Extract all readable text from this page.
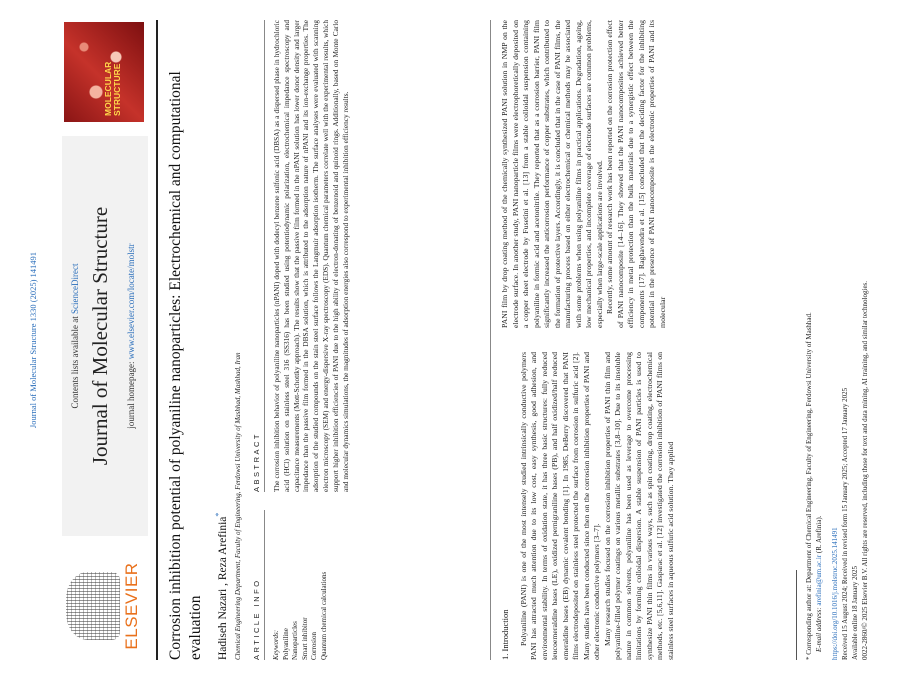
Journal of Molecular Structure 1330 (2025) 141491
ELSEVIER
Contents lists available at ScienceDirect Journal of Molecular Structure journal homepage: www.elsevier.com/locate/molstr
MOLECULAR STRUCTURE	Corrosion inhibition potential of polyaniline nanoparticles: Electrochemical and computational evaluation Hadiseh Nazari , Reza Arefinia*	Chemical Engineering Department, Faculty of Engineering, Ferdowsi University of Mashhad, Mashhad, Iran ARTICLE INFO
ABSTRACT
Keywords: Polyaniline Nanoparticles Smart inhibitor Corrosion Quantum chemical calculations
The corrosion inhibition behavior of polyaniline nanoparticles (nPANI) doped with dodecyl benzene sulfonic acid (DBSA) as a dispersed phase in hydrochloric acid (HCl) solution on stainless steel 316 (SS316) has been studied using potentiodynamic polarization, electrochemical impedance spectroscopy and capacitance measurements (Mott-Schottky approach). The results show that the passive film formed in the nPANI solution has lower donor density and larger impedance than the passive film formed in the DBSA solution, which is attributed to the adsorption nature of nPANI and its ion-exchange properties. The adsorption of the studied compounds on the stain steel surface follows the Langmuir adsorption isotherm. The surface analyses were evaluated with scanning electron microscopy (SEM) and energy-dispersive X-ray spectroscopy (EDS). Quantum chemical parameters correlate well with the experimental results, which support higher inhibition efficiencies of PANI due to the high ability of electron-donating of benzenoid and quinoid rings. Additionally, based on Monte Carlo and molecular dynamics simulations, the magnitudes of adsorption energies also correspond to experimental inhibition efficiency results.
1. Introduction Polyaniline (PANI) is one of the most intensely studied intrinsically conductive polymers PANI has attracted much attention due to its low cost, easy synthesis, good adhesion, and environmental stability. In terms of oxidation state, it has three basic structures: fully reduced leucoemeraldine bases (LE), oxidized pernigraniline bases (PB), and half oxidized/half reduced emeraldine bases (EB) dynamic covalent bonding [1]. In 1985, DeBerry discovered that PANI films electrodeposited on stainless steel protected the surface from corrosion in sulfuric acid [2]. Many studies have been conducted since then on the corrosion inhibition properties of PANI and other electronic conductive polymers [3–7]. Many research studies focused on the corrosion inhibition properties of PANI thin film and polyaniline-filled polymer coatings on various metallic substrates [3,8–10]. Due to its insoluble nature in common solvents, polyaniline has been used as leverage to overcome processing limitations by forming colloidal dispersion. A stable suspension of PANI particles is used to synthesize PANI thin films in various ways, such as spin coating, drop coating, electrochemical methods, etc. [5,6,11]. Gasparac et al. [12] investigated the corrosion inhibition of PANI films on stainless steel surfaces in aqueous sulfuric acid solution. They applied

PANI film by drop coating method of the chemically synthesized PANI solution in NMP on the electrode surface. In another study, PANI nanoparticle films were electrophoretically deposited on a copper sheet electrode by Fusetini et al. [13] from a stable colloidal suspension containing polyaniline in formic acid and acetonitrile. They reported that as a corrosion barrier, PANI film significantly increased the anticorrosion performance of copper substrates, which contributed to the formation of protective layers. Accordingly, it is concluded that in the case of PANI films, the manufacturing process based on either electrochemical or chemical methods may be associated with some problems when using polyaniline films in practical applications. Degradation, ageing, low mechanical properties, and incomplete coverage of electrode surfaces are common problems, especially when large-scale applications are involved. Recently, some amount of research work has been reported on the corrosion protection effect of PANI nanocomposite [14–16]. They showed that the PANI nanocomposites achieved better efficiency in metal protection than the bulk materials due to a synergistic effect between the components [17]. Raghavendra et al. [15] concluded that the deciding factor for the inhibiting potential in the presence of PANI nanocomposite is the electronic properties of PANI and its molecular	* Corresponding author at: Department of Chemical Engineering, Faculty of Engineering, Ferdowsi University of Mashhad. E-mail address: arefinia@um.ac.ir (R. Arefinia). https://doi.org/10.1016/j.molstruc.2025.141491 Received 15 August 2024; Received in revised form 15 January 2025; Accepted 17 January 2025 Available online 18 January 2025 0022-2860/© 2025 Elsevier B.V. All rights are reserved, including those for text and data mining, AI training, and similar technologies.
